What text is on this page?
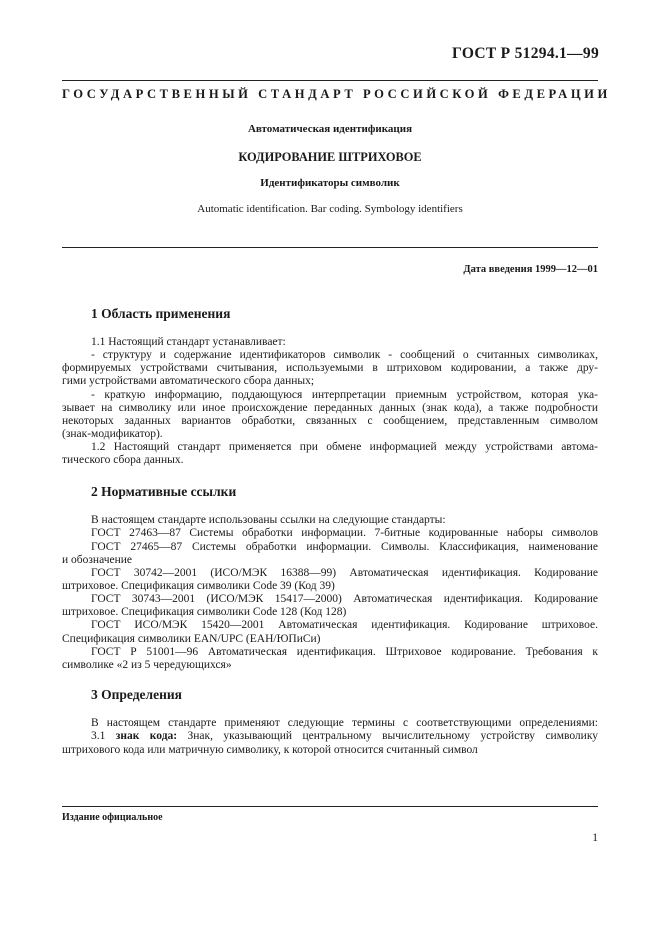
ГОСТ Р 51294.1—99
ГОСУДАРСТВЕННЫЙ СТАНДАРТ РОССИЙСКОЙ ФЕДЕРАЦИИ
Автоматическая идентификация
КОДИРОВАНИЕ ШТРИХОВОЕ
Идентификаторы символик
Automatic identification. Bar coding. Symbology identifiers
Дата введения 1999—12—01
1 Область применения
1.1 Настоящий стандарт устанавливает:
- структуру и содержание идентификаторов символик - сообщений о считанных символиках,
формируемых устройствами считывания, используемыми в штриховом кодировании, а также дру-
гими устройствами автоматического сбора данных;
- краткую информацию, поддающуюся интерпретации приемным устройством, которая ука-
зывает на символику или иное происхождение переданных данных (знак кода), а также подробности
некоторых заданных вариантов обработки, связанных с сообщением, представленным символом
(знак-модификатор).
1.2 Настоящий стандарт применяется при обмене информацией между устройствами автома-
тического сбора данных.
2 Нормативные ссылки
В настоящем стандарте использованы ссылки на следующие стандарты:
ГОСТ 27463—87 Системы обработки информации. 7-битные кодированные наборы символов
ГОСТ 27465—87 Системы обработки информации. Символы. Классификация, наименование
и обозначение
ГОСТ 30742—2001 (ИСО/МЭК 16388—99) Автоматическая идентификация. Кодирование
штриховое. Спецификация символики Code 39 (Код 39)
ГОСТ 30743—2001 (ИСО/МЭК 15417—2000) Автоматическая идентификация. Кодирование
штриховое. Спецификация символики Code 128 (Код 128)
ГОСТ ИСО/МЭК 15420—2001 Автоматическая идентификация. Кодирование штриховое.
Спецификация символики EAN/UPC (ЕАН/ЮПиСи)
ГОСТ Р 51001—96 Автоматическая идентификация. Штриховое кодирование. Требования к
символике «2 из 5 чередующихся»
3 Определения
В настоящем стандарте применяют следующие термины с соответствующими определениями:
3.1 знак кода: Знак, указывающий центральному вычислительному устройству символику
штрихового кода или матричную символику, к которой относится считанный символ
Издание официальное
1
